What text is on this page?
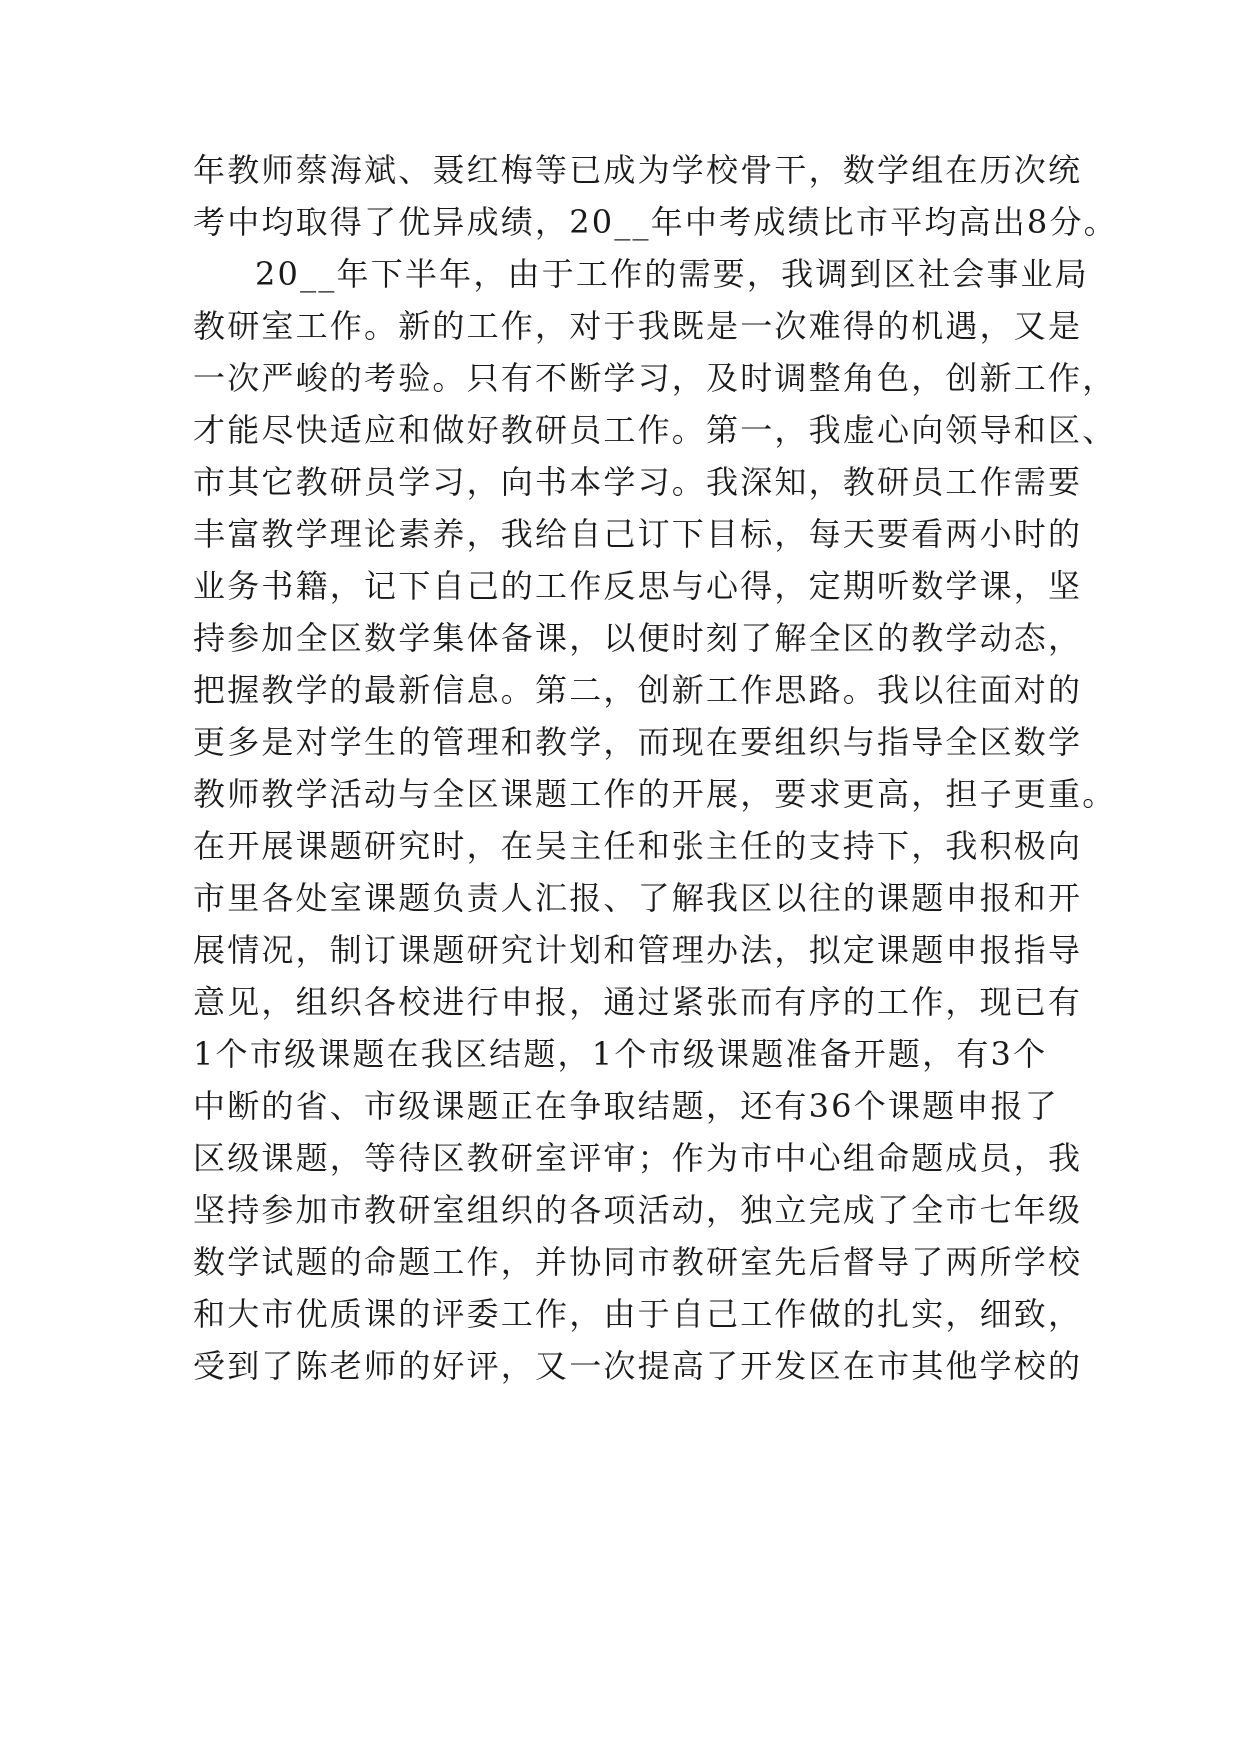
年教师蔡海斌、聂红梅等已成为学校骨干，数学组在历次统
考中均取得了优异成绩，20__年中考成绩比市平均高出8分。
20__年下半年，由于工作的需要，我调到区社会事业局
教研室工作。新的工作，对于我既是一次难得的机遇，又是
一次严峻的考验。只有不断学习，及时调整角色，创新工作，
才能尽快适应和做好教研员工作。第一，我虚心向领导和区、
市其它教研员学习，向书本学习。我深知，教研员工作需要
丰富教学理论素养，我给自己订下目标，每天要看两小时的
业务书籍，记下自己的工作反思与心得，定期听数学课，坚
持参加全区数学集体备课，以便时刻了解全区的教学动态，
把握教学的最新信息。第二，创新工作思路。我以往面对的
更多是对学生的管理和教学，而现在要组织与指导全区数学
教师教学活动与全区课题工作的开展，要求更高，担子更重。
在开展课题研究时，在吴主任和张主任的支持下，我积极向
市里各处室课题负责人汇报、了解我区以往的课题申报和开
展情况，制订课题研究计划和管理办法，拟定课题申报指导
意见，组织各校进行申报，通过紧张而有序的工作，现已有
1个市级课题在我区结题，1个市级课题准备开题，有3个
中断的省、市级课题正在争取结题，还有36个课题申报了
区级课题，等待区教研室评审；作为市中心组命题成员，我
坚持参加市教研室组织的各项活动，独立完成了全市七年级
数学试题的命题工作，并协同市教研室先后督导了两所学校
和大市优质课的评委工作，由于自己工作做的扎实，细致，
受到了陈老师的好评，又一次提高了开发区在市其他学校的
